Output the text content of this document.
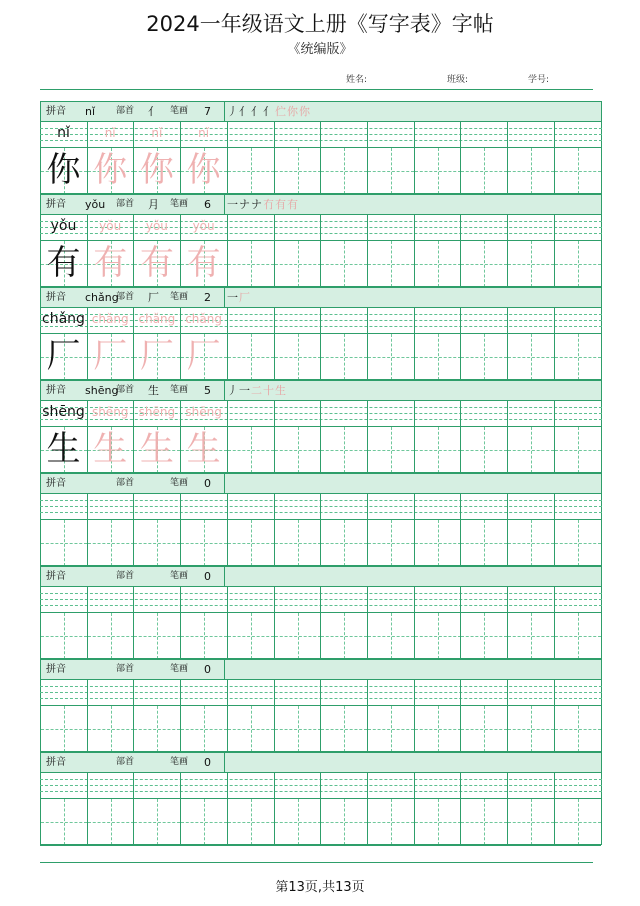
2024一年级语文上册《写字表》字帖
《统编版》
姓名:	班级:	学号:
拼音 nǐ 部首 亻 笔画 7 丿亻亻亻伫你你
nǐ
你
nǐ
你
nǐ
你
nǐ
你
拼音 yǒu 部首 月 笔画 6 一ナナ冇有有
yǒu
有
yǒu
有
yǒu
有
yǒu
有
拼音 chǎng
部首 厂 笔画 2 一厂
chǎng
厂
chǎng
厂
chǎng
厂
chǎng
厂
拼音 shēng
部首 生 笔画 5 丿一二十生
shēng
生
shēng
生
shēng
生
shēng
生
拼音	部首	笔画 0
拼音	部首	笔画 0
拼音	部首	笔画 0
拼音	部首	笔画 0
第13页,共13页
